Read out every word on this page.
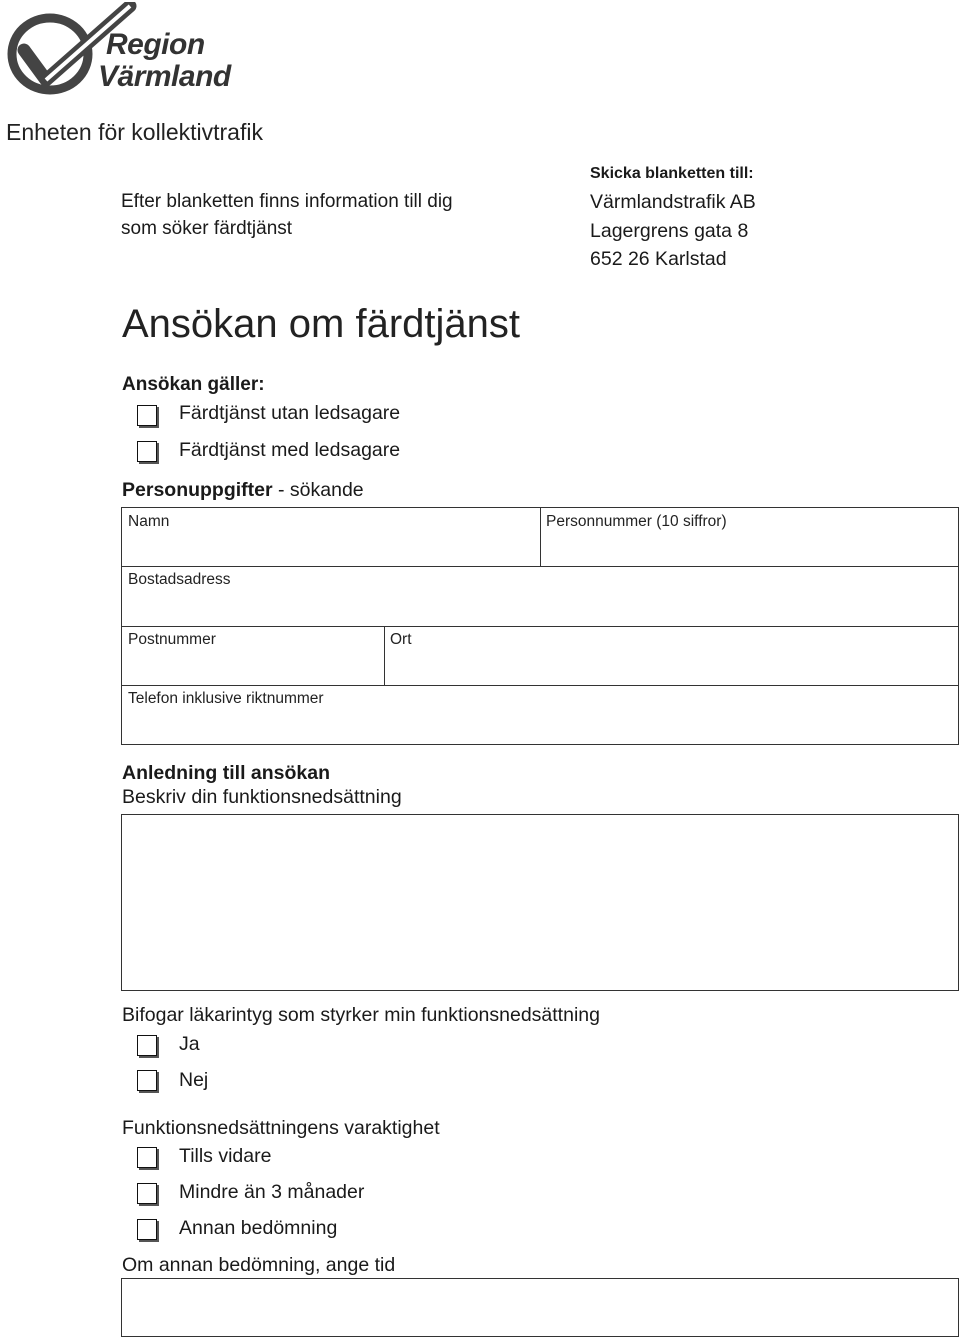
Region
Värmland
Enheten för kollektivtrafik
Efter blanketten finns information till dig
som söker färdtjänst
Skicka blanketten till:
Värmlandstrafik AB
Lagergrens gata 8
652 26 Karlstad
Ansökan om färdtjänst
Ansökan gäller:
Färdtjänst utan ledsagare
Färdtjänst med ledsagare
Personuppgifter - sökande
Namn	Personnummer (10 siffror)
Bostadsadress
Postnummer	Ort
Telefon inklusive riktnummer
Anledning till ansökan
Beskriv din funktionsnedsättning
Bifogar läkarintyg som styrker min funktionsnedsättning
Ja
Nej
Funktionsnedsättningens varaktighet
Tills vidare
Mindre än 3 månader
Annan bedömning
Om annan bedömning, ange tid
